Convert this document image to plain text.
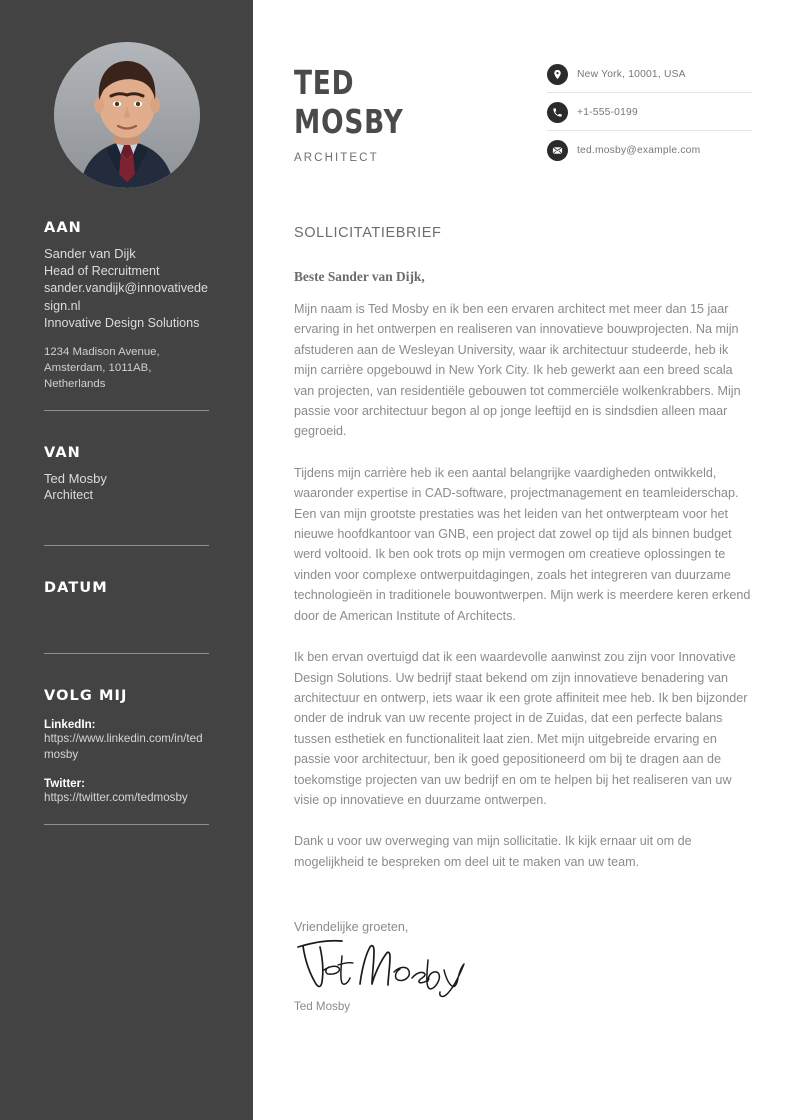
AAN

Sander van Dijk

Head of Recruitment

sander.vandijk@innovativedesign.nl

Innovative Design Solutions

1234 Madison Avenue, Amsterdam, 1011AB, Netherlands

VAN

Ted Mosby

Architect

DATUM

VOLG MIJ

LinkedIn:

https://www.linkedin.com/in/tedmosby

Twitter:

https://twitter.com/tedmosby

TED
MOSBY
ARCHITECT
New York, 10001, USA
+1-555-0199
ted.mosby@example.com
SOLLICITATIEBRIEF

Beste Sander van Dijk,

Mijn naam is Ted Mosby en ik ben een ervaren architect met meer dan 15 jaar ervaring in het ontwerpen en realiseren van innovatieve bouwprojecten. Na mijn afstuderen aan de Wesleyan University, waar ik architectuur studeerde, heb ik mijn carrière opgebouwd in New York City. Ik heb gewerkt aan een breed scala van projecten, van residentiële gebouwen tot commerciële wolkenkrabbers. Mijn passie voor architectuur begon al op jonge leeftijd en is sindsdien alleen maar gegroeid.

Tijdens mijn carrière heb ik een aantal belangrijke vaardigheden ontwikkeld, waaronder expertise in CAD-software, projectmanagement en teamleiderschap. Een van mijn grootste prestaties was het leiden van het ontwerpteam voor het nieuwe hoofdkantoor van GNB, een project dat zowel op tijd als binnen budget werd voltooid. Ik ben ook trots op mijn vermogen om creatieve oplossingen te vinden voor complexe ontwerpuitdagingen, zoals het integreren van duurzame technologieën in traditionele bouwontwerpen. Mijn werk is meerdere keren erkend door de American Institute of Architects.

Ik ben ervan overtuigd dat ik een waardevolle aanwinst zou zijn voor Innovative Design Solutions. Uw bedrijf staat bekend om zijn innovatieve benadering van architectuur en ontwerp, iets waar ik een grote affiniteit mee heb. Ik ben bijzonder onder de indruk van uw recente project in de Zuidas, dat een perfecte balans tussen esthetiek en functionaliteit laat zien. Met mijn uitgebreide ervaring en passie voor architectuur, ben ik goed gepositioneerd om bij te dragen aan de toekomstige projecten van uw bedrijf en om te helpen bij het realiseren van uw visie op innovatieve en duurzame ontwerpen.

Dank u voor uw overweging van mijn sollicitatie. Ik kijk ernaar uit om de mogelijkheid te bespreken om deel uit te maken van uw team.

Vriendelijke groeten,

Ted Mosby
